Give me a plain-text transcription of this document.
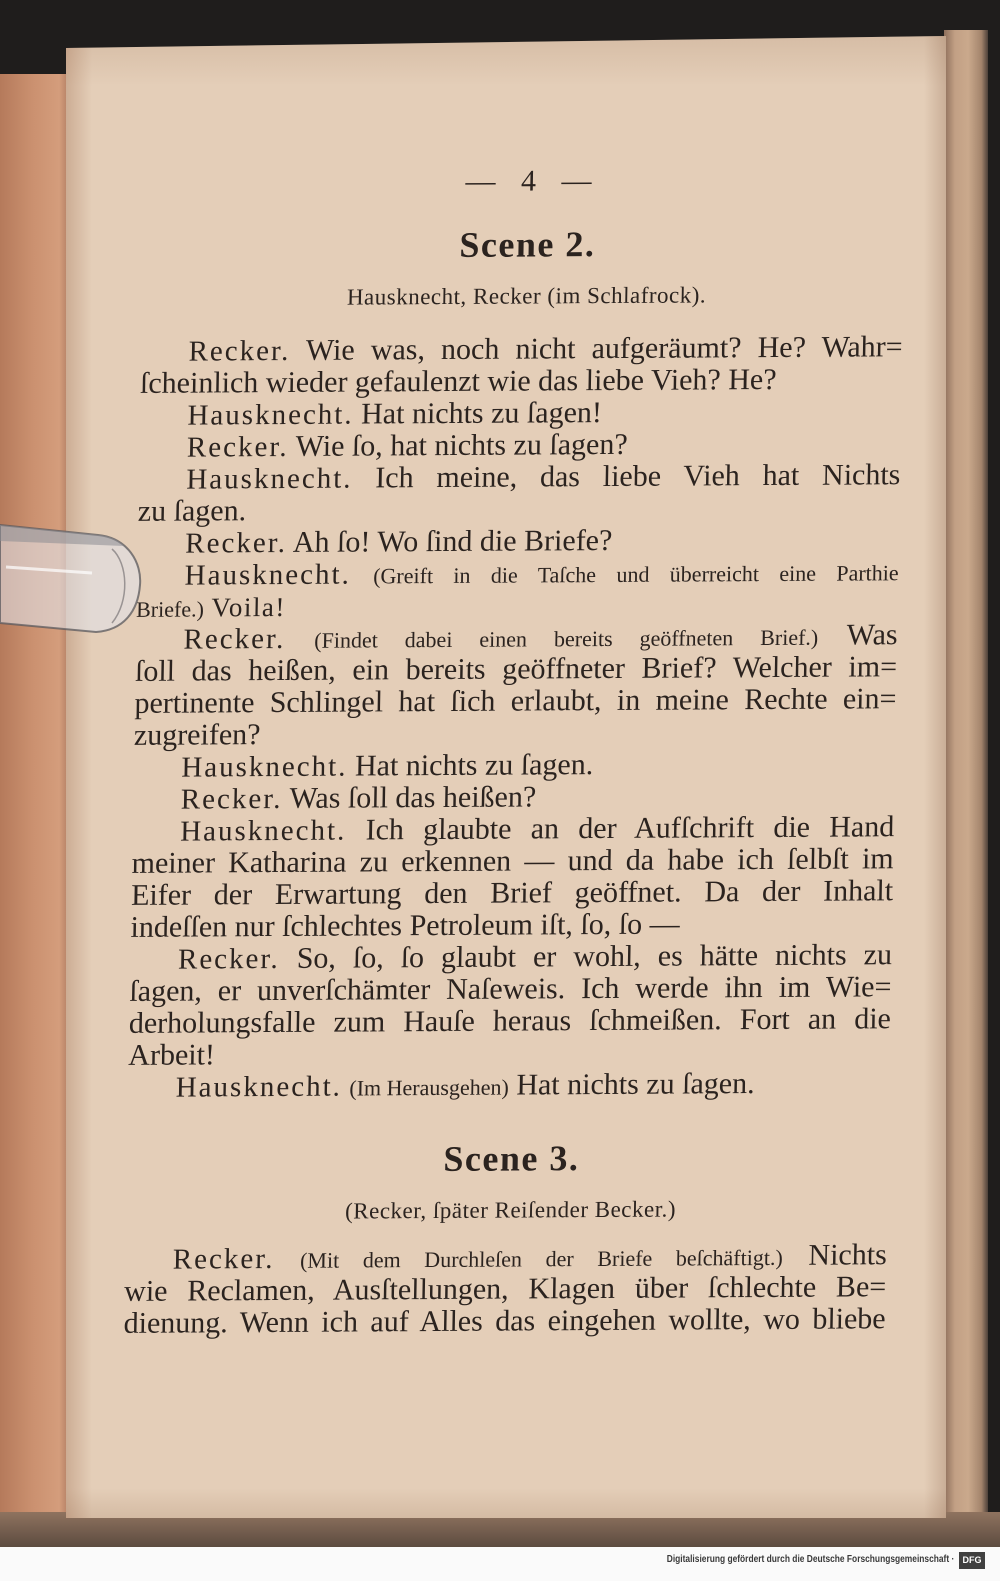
— 4 —
Scene 2.
Hausknecht, Recker (im Schlafrock).
Recker. Wie was, noch nicht aufgeräumt? He? Wahr=
ſcheinlich wieder gefaulenzt wie das liebe Vieh? He?
Hausknecht. Hat nichts zu ſagen!
Recker. Wie ſo, hat nichts zu ſagen?
Hausknecht. Ich meine, das liebe Vieh hat Nichts
zu ſagen.
Recker. Ah ſo! Wo ſind die Briefe?
Hausknecht. (Greift in die Taſche und überreicht eine Parthie
Briefe.) Voila!
Recker. (Findet dabei einen bereits geöffneten Brief.) Was
ſoll das heißen, ein bereits geöffneter Brief? Welcher im=
pertinente Schlingel hat ſich erlaubt, in meine Rechte ein=
zugreifen?
Hausknecht. Hat nichts zu ſagen.
Recker. Was ſoll das heißen?
Hausknecht. Ich glaubte an der Aufſchrift die Hand
meiner Katharina zu erkennen — und da habe ich ſelbſt im
Eifer der Erwartung den Brief geöffnet. Da der Inhalt
indeſſen nur ſchlechtes Petroleum iſt, ſo, ſo —
Recker. So, ſo, ſo glaubt er wohl, es hätte nichts zu
ſagen, er unverſchämter Naſeweis. Ich werde ihn im Wie=
derholungsfalle zum Hauſe heraus ſchmeißen. Fort an die
Arbeit!
Hausknecht. (Im Herausgehen) Hat nichts zu ſagen.
Scene 3.
(Recker, ſpäter Reiſender Becker.)
Recker. (Mit dem Durchleſen der Briefe beſchäftigt.) Nichts
wie Reclamen, Ausſtellungen, Klagen über ſchlechte Be=
dienung. Wenn ich auf Alles das eingehen wollte, wo bliebe
Digitalisierung gefördert durch die Deutsche Forschungsgemeinschaft · DFG
